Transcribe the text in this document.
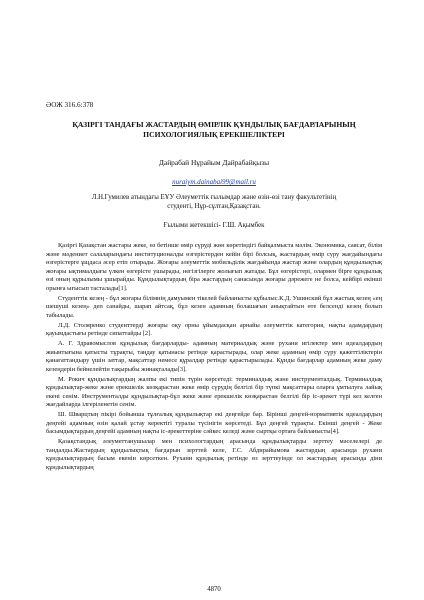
ӘОЖ 316.6:378
ҚАЗІРГІ ТАНДАҒЫ ЖАСТАРДЫҢ ӨМІРЛІК ҚҰНДЫЛЫҚ БАҒДАРЛАРЫНЫҢ
ПСИХОЛОГИЯЛЫҚ ЕРЕКШЕЛІКТЕРІ
Дайрабай Нұрайым Дайрабайқызы
nuraiym.dainabai99@mail.ru
Л.Н.Гумилев атындағы ЕҰУ Әлеуметтік ғылымдар және өзін-өзі тану факультетінің
студенті, Нұр-сұлтан,Қазақстан.
Ғылыми жетекшісі- Г.Ш. Ақымбек

Қазіргі Қазақстан жастары жеке, өз бетінше өмір сүруді жөн көретіндігі байқалмыста мәлім. Экономика, саясат, білім және мәдениет салаларындағы институционалды өзгерістерден кейін бірі болсық, жастардың өмір суру жағдайындағы өзгерістерге ұщдаса әсер етіп отырады. Жоғары әлеуметтік мобильділік жағдайында жастар және олардың құндылықтық жоғары ықтималдығы үлкен өзгерісте ушырады, негізгілерге жолығып жатады. Бұл өзгерістері, олармен бірге құндылық өзі оның құрылымы ұшырайды. Құндылықтардың біра жастардың санасында жоғары дәрежеге не болса, кейбірі екінші орынға ығысып тасталады[1].

Студенттік кезең - бұл жоғары білімнің дамуымен тікелей байланысты құбылыс.К.Д. Ушинский бұл жастық кезең «ең шешуші кезең» деп санайды, шарап айтсақ, бұл кезен адамның болашағын анықтайтын өте белсенді кезең болып табылады.

Л.Д. Столяренко студенттерді жоғары оқу орны ұйымдасқан арнайы әлеуметтік категория, нақты адамдардың қауымдастығы ретінде сипаттайды [2].

А. Г. Здравомыслов құндылық бағдарларды- адамның материалдық және рухани игілектер мен идеалдардың жиынтығына қатысты тұрақты, таңдау қатынасы ретінде қарастырады, олар жеке адамның өмір сүру қажеттіліктерін қанағаттандыру үшін заттар, мақсаттар немесе құралдар ретінде қарастырылады. Құнды бағдарлар адамның жеке даму кезеңдерін бейнелейтін тақырыбы жинақталады[3].

М. Рокич құндылықтардың жалпы екі типін түрін көрсетеді: терминалдық және инструменталдық. Терминалдық құндылықтар-жеке және ерекшелік көзқарастан жеке өмір сүрудің белгілі бір түпкі мақсаттары оларға ұмтылуға лайық екені сенім. Инструменталды құндылықтар-бұл жеке және ерекшелік көзқарастан белгілі бір іс-әрекет түрі кез келген жағдайларда ілгеріленетін сенім.

Ш. Шварцтың пікірі бойынша тұлғалық құндылықтар екі деңгейде бар. Бірінші деңгей-нормативтік идеалдардың деңгейі адамның өзін қалай ұстау керектігі туралы түсінігін көрсетеді. Бұл деңгей тұрақты. Екінші деңгей - Жеке басымдықтардың деңгейі адамның нақты іс-әрекеттеріне сәйкес келеді және сыртқы ортаға байланысты[4].

Қазақстандық әлеуметтанушылар мен психологтардың арасында құндылықтарды зерттеу мәселелері де тандалды.Жастардың құндылықтық бағдарын зерттей келе, Г.С. Абдирайымова жастардың арасында рухани құндылықтардың басым екенін көрсеткен. Рухани құндылық ретінде өз зерттеуінде ол жастардың арасында діни құндылықтардың

4870
